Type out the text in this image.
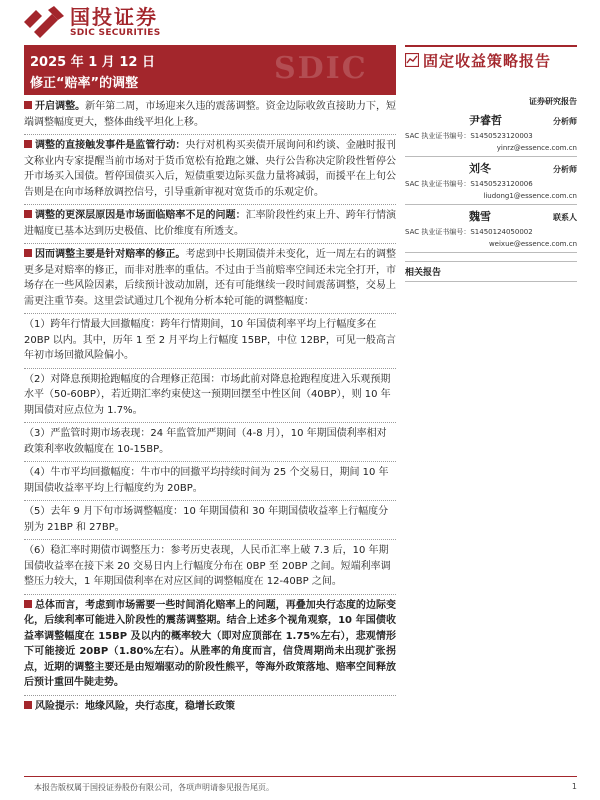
国投证券
SDIC SECURITIES
SDIC
2025 年 1 月 12 日
修正“赔率”的调整
固定收益策略报告

开启调整。新年第二周，市场迎来久违的震荡调整。资金边际收敛直接助力下，短端调整幅度更大，整体曲线平坦化上移。

调整的直接触发事件是监管行动：央行对机构买卖债开展询问和约谈、金融时报刊文称业内专家提醒当前市场对于货币宽松有抢跑之嫌、央行公告称决定阶段性暂停公开市场买入国债。暂停国债买入后，短债重要边际买盘力量将减弱，而援平在上旬公告则是在向市场释放调控信号，引导重新审视对宽货币的乐观定价。

调整的更深层原因是市场面临赔率不足的问题：汇率阶段性约束上升、跨年行情演进幅度已基本达到历史极值、比价维度有所透支。

因而调整主要是针对赔率的修正。考虑到中长期国债并未变化，近一周左右的调整更多是对赔率的修正，而非对胜率的重估。不过由于当前赔率空间还未完全打开，市场存在一些风险因素，后续预计波动加剧，还有可能继续一段时间震荡调整，交易上需更注重节奏。这里尝试通过几个视角分析本轮可能的调整幅度：

（1）跨年行情最大回撤幅度：跨年行情期间，10 年国债利率平均上行幅度多在 20BP 以内。其中，历年 1 至 2 月平均上行幅度 15BP，中位 12BP，可见一般高言年初市场回撤风险偏小。

（2）对降息预期抢跑幅度的合理修正范围：市场此前对降息抢跑程度进入乐观预期水平（50-60BP），若近期汇率约束使这一预期回摆至中性区间（40BP），则 10 年期国债对应点位为 1.7%。

（3）严监管时期市场表现：24 年监管加严期间（4-8 月），10 年期国债利率相对政策利率收敛幅度在 10-15BP。

（4）牛市平均回撤幅度：牛市中的回撤平均持续时间为 25 个交易日，期间 10 年期国债收益率平均上行幅度约为 20BP。

（5）去年 9 月下旬市场调整幅度：10 年期国债和 30 年期国债收益率上行幅度分别为 21BP 和 27BP。

（6）稳汇率时期债市调整压力：参考历史表现，人民币汇率上破 7.3 后，10 年期国债收益率在接下来 20 交易日内上行幅度分布在 0BP 至 20BP 之间。短端利率调整压力较大，1 年期国债利率在对应区间的调整幅度在 12-40BP 之间。

总体而言，考虑到市场需要一些时间消化赔率上的问题，再叠加央行态度的边际变化，后续利率可能进入阶段性的震荡调整期。结合上述多个视角观察，10 年国债收益率调整幅度在 15BP 及以内的概率较大（即对应顶部在 1.75%左右），悲观情形下可能接近 20BP（1.80%左右）。从胜率的角度而言，信贷周期尚未出现扩张拐点，近期的调整主要还是由短端驱动的阶段性熊平，等海外政策落地、赔率空间释放后预计重回牛陡走势。

风险提示：地缘风险，央行态度，稳增长政策

证券研究报告
尹睿哲	分析师
SAC 执业证书编号：S1450523120003
yinrz@essence.com.cn
刘冬	分析师
SAC 执业证书编号：S1450523120006
liudong1@essence.com.cn
魏雪	联系人
SAC 执业证书编号：S1450124050002
weixue@essence.com.cn
相关报告
本报告版权属于国投证券股份有限公司，各项声明请参见报告尾页。	1
